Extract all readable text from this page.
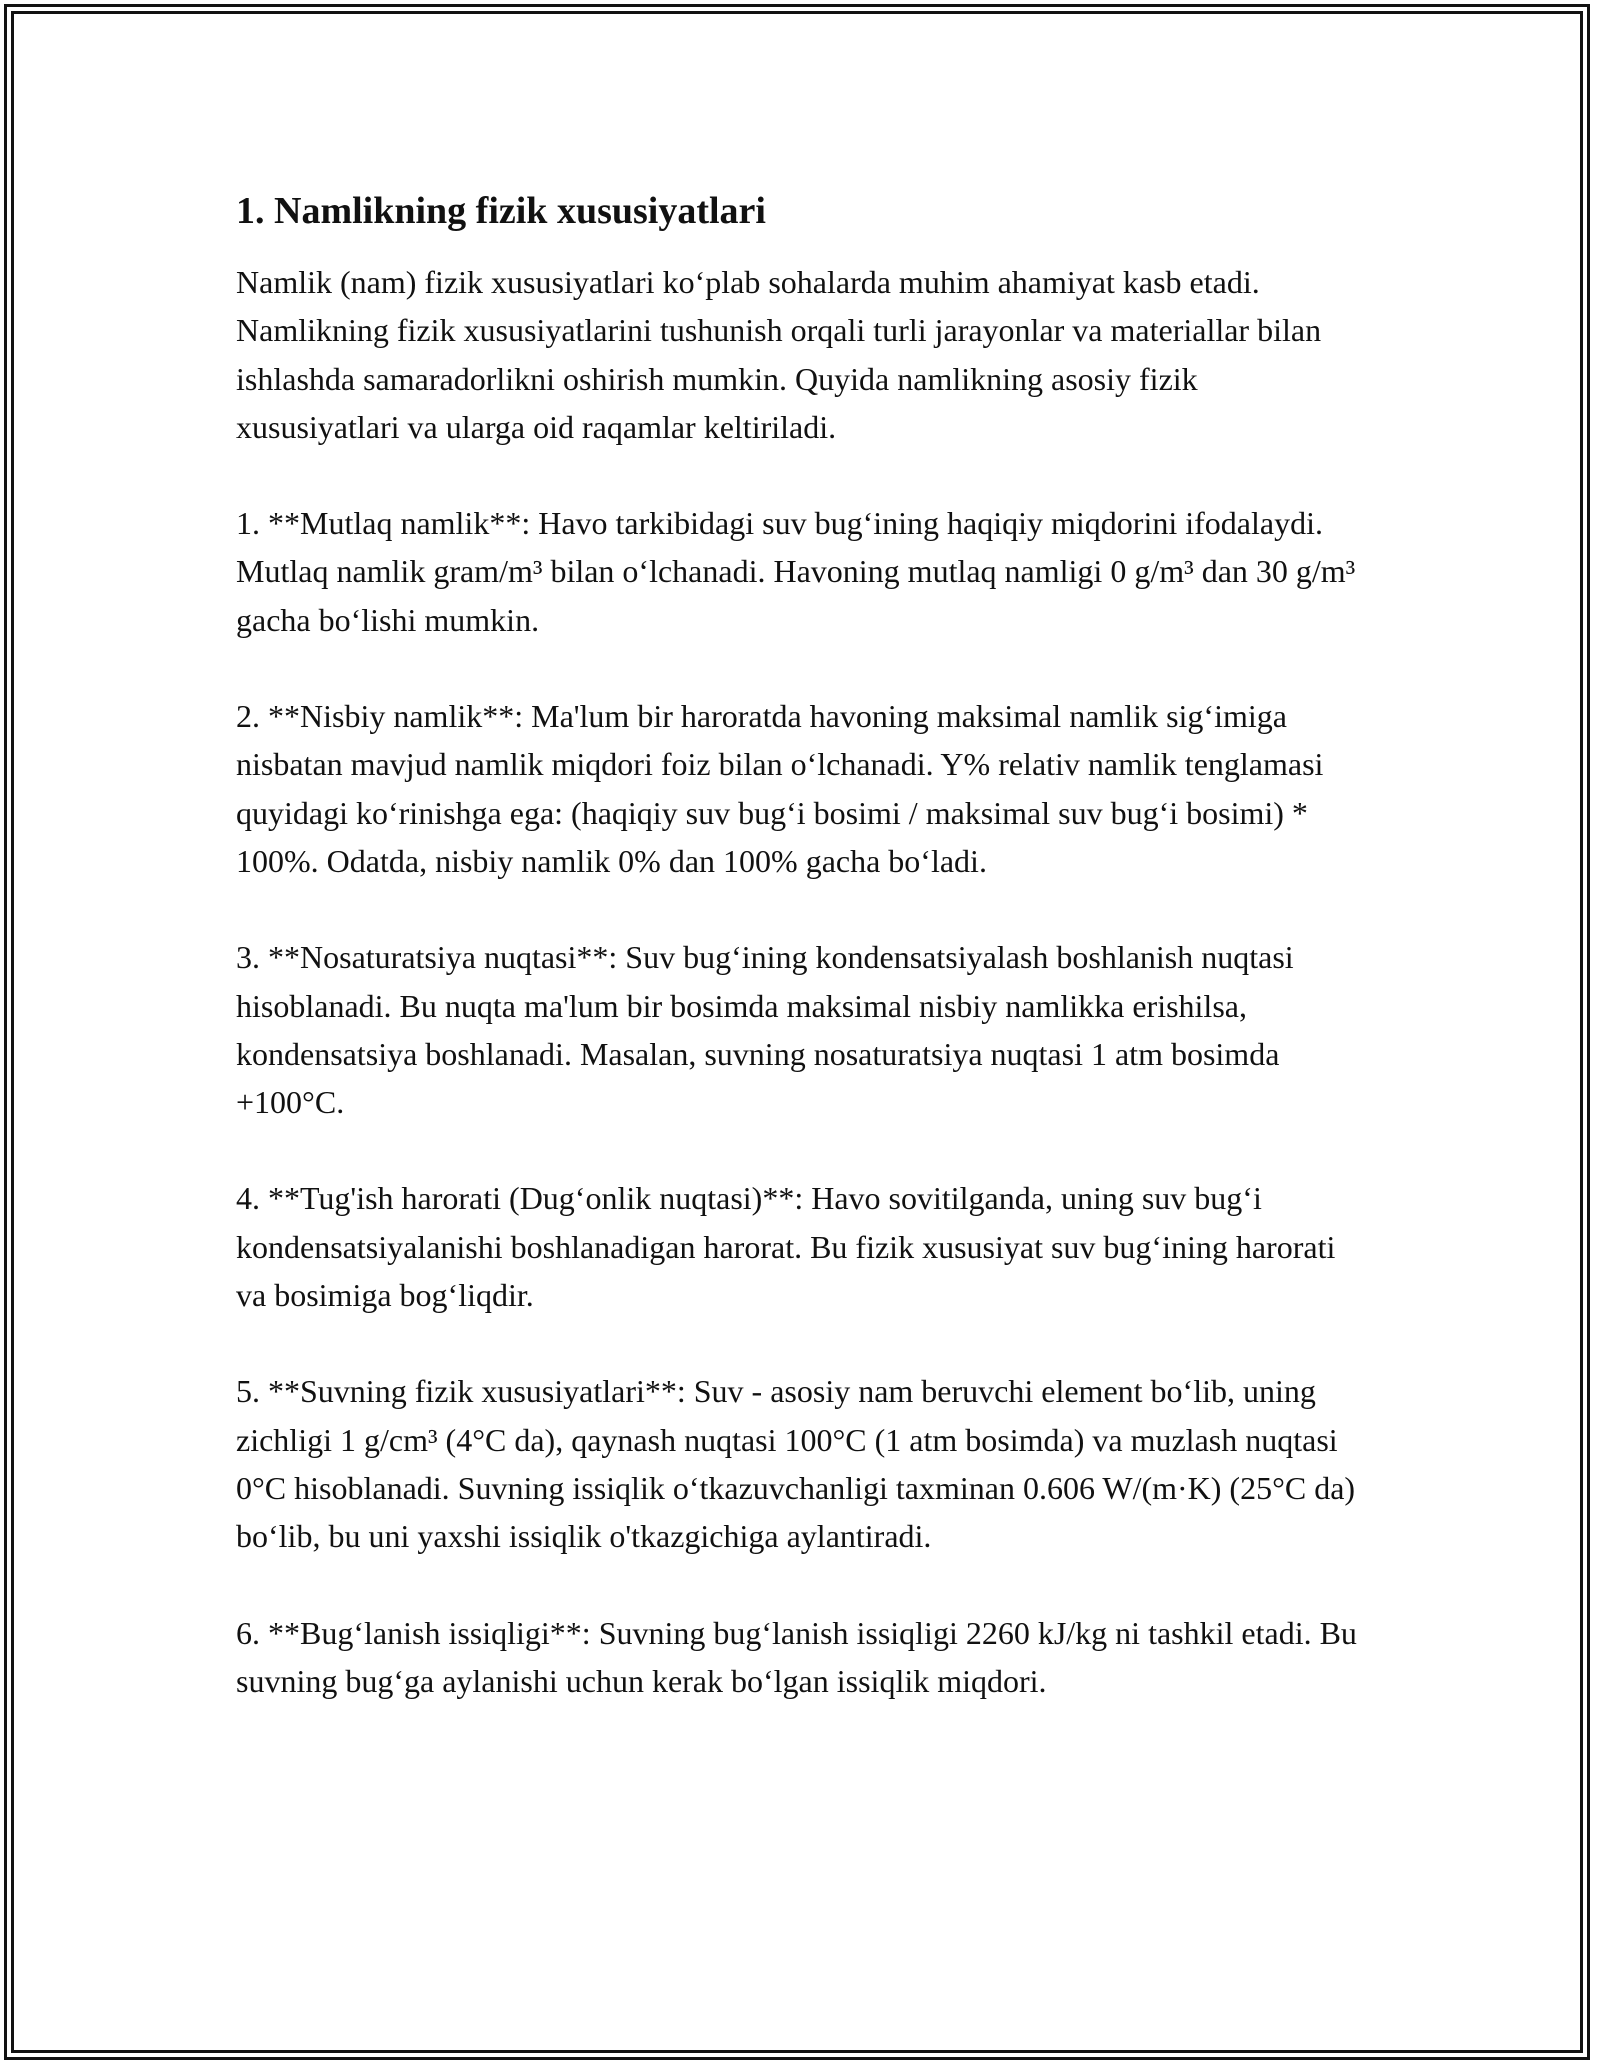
1. Namlikning fizik xususiyatlari

Namlik (nam) fizik xususiyatlari ko‘plab sohalarda muhim ahamiyat kasb etadi. Namlikning fizik xususiyatlarini tushunish orqali turli jarayonlar va materiallar bilan ishlashda samaradorlikni oshirish mumkin. Quyida namlikning asosiy fizik xususiyatlari va ularga oid raqamlar keltiriladi.

1. **Mutlaq namlik**: Havo tarkibidagi suv bug‘ining haqiqiy miqdorini ifodalaydi. Mutlaq namlik gram/m³ bilan o‘lchanadi. Havoning mutlaq namligi 0 g/m³ dan 30 g/m³ gacha bo‘lishi mumkin.

2. **Nisbiy namlik**: Ma'lum bir haroratda havoning maksimal namlik sig‘imiga nisbatan mavjud namlik miqdori foiz bilan o‘lchanadi. Y% relativ namlik tenglamasi quyidagi ko‘rinishga ega: (haqiqiy suv bug‘i bosimi / maksimal suv bug‘i bosimi) * 100%. Odatda, nisbiy namlik 0% dan 100% gacha bo‘ladi.

3. **Nosaturatsiya nuqtasi**: Suv bug‘ining kondensatsiyalash boshlanish nuqtasi hisoblanadi. Bu nuqta ma'lum bir bosimda maksimal nisbiy namlikka erishilsa, kondensatsiya boshlanadi. Masalan, suvning nosaturatsiya nuqtasi 1 atm bosimda +100°C.

4. **Tug'ish harorati (Dug‘onlik nuqtasi)**: Havo sovitilganda, uning suv bug‘i kondensatsiyalanishi boshlanadigan harorat. Bu fizik xususiyat suv bug‘ining harorati va bosimiga bog‘liqdir.

5. **Suvning fizik xususiyatlari**: Suv - asosiy nam beruvchi element bo‘lib, uning zichligi 1 g/cm³ (4°C da), qaynash nuqtasi 100°C (1 atm bosimda) va muzlash nuqtasi 0°C hisoblanadi. Suvning issiqlik o‘tkazuvchanligi taxminan 0.606 W/(m·K) (25°C da) bo‘lib, bu uni yaxshi issiqlik o'tkazgichiga aylantiradi.

6. **Bug‘lanish issiqligi**: Suvning bug‘lanish issiqligi 2260 kJ/kg ni tashkil etadi. Bu suvning bug‘ga aylanishi uchun kerak bo‘lgan issiqlik miqdori.
